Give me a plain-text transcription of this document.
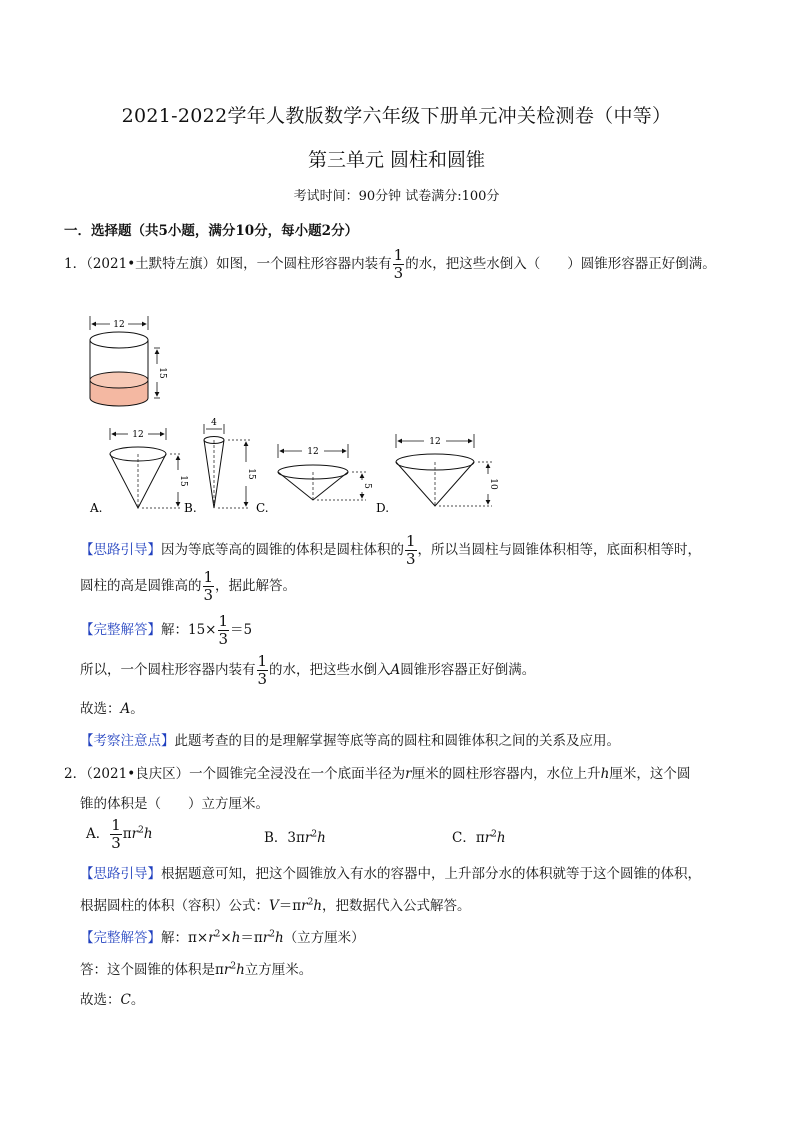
2021-2022学年人教版数学六年级下册单元冲关检测卷（中等）
第三单元 圆柱和圆锥
考试时间：90分钟 试卷满分:100分
一．选择题（共5小题，满分10分，每小题2分）
1．（2021•土默特左旗）如图，一个圆柱形容器内装有 $\frac{1}{3}$ 的水，把这些水倒入（　　）圆锥形容器正好倒满。
12
15
12
15
A.
4
15
B.	C.
12
5
12
10
D.
【思路引导】因为等底等高的圆锥的体积是圆柱体积的 $\frac{1}{3}$ ，所以当圆柱与圆锥体积相等，底面积相等时，
圆柱的高是圆锥高的 $\frac{1}{3}$ ，据此解答。
【完整解答】解：$15\times \frac{1}{3} =5$
所以，一个圆柱形容器内装有 $\frac{1}{3}$ 的水，把这些水倒入A圆锥形容器正好倒满。
故选：A。
【考察注意点】此题考查的目的是理解掌握等底等高的圆柱和圆锥体积之间的关系及应用。
2．（2021•良庆区）一个圆锥完全浸没在一个底面半径为r厘米的圆柱形容器内，水位上升h厘米，这个圆
锥的体积是（　　）立方厘米。
A． $\frac{1}{3} \pi r^2h$	B．$3\pi r^2h$	C．$\pi r^2h$
【思路引导】根据题意可知，把这个圆锥放入有水的容器中，上升部分水的体积就等于这个圆锥的体积，
根据圆柱的体积（容积）公式：$V=\pi r^2h$，把数据代入公式解答。
【完整解答】解：$\pi\times r^2\times h=\pi r^2h$（立方厘米）
答：这个圆锥的体积是$\pi r^2h$立方厘米。
故选：C。
